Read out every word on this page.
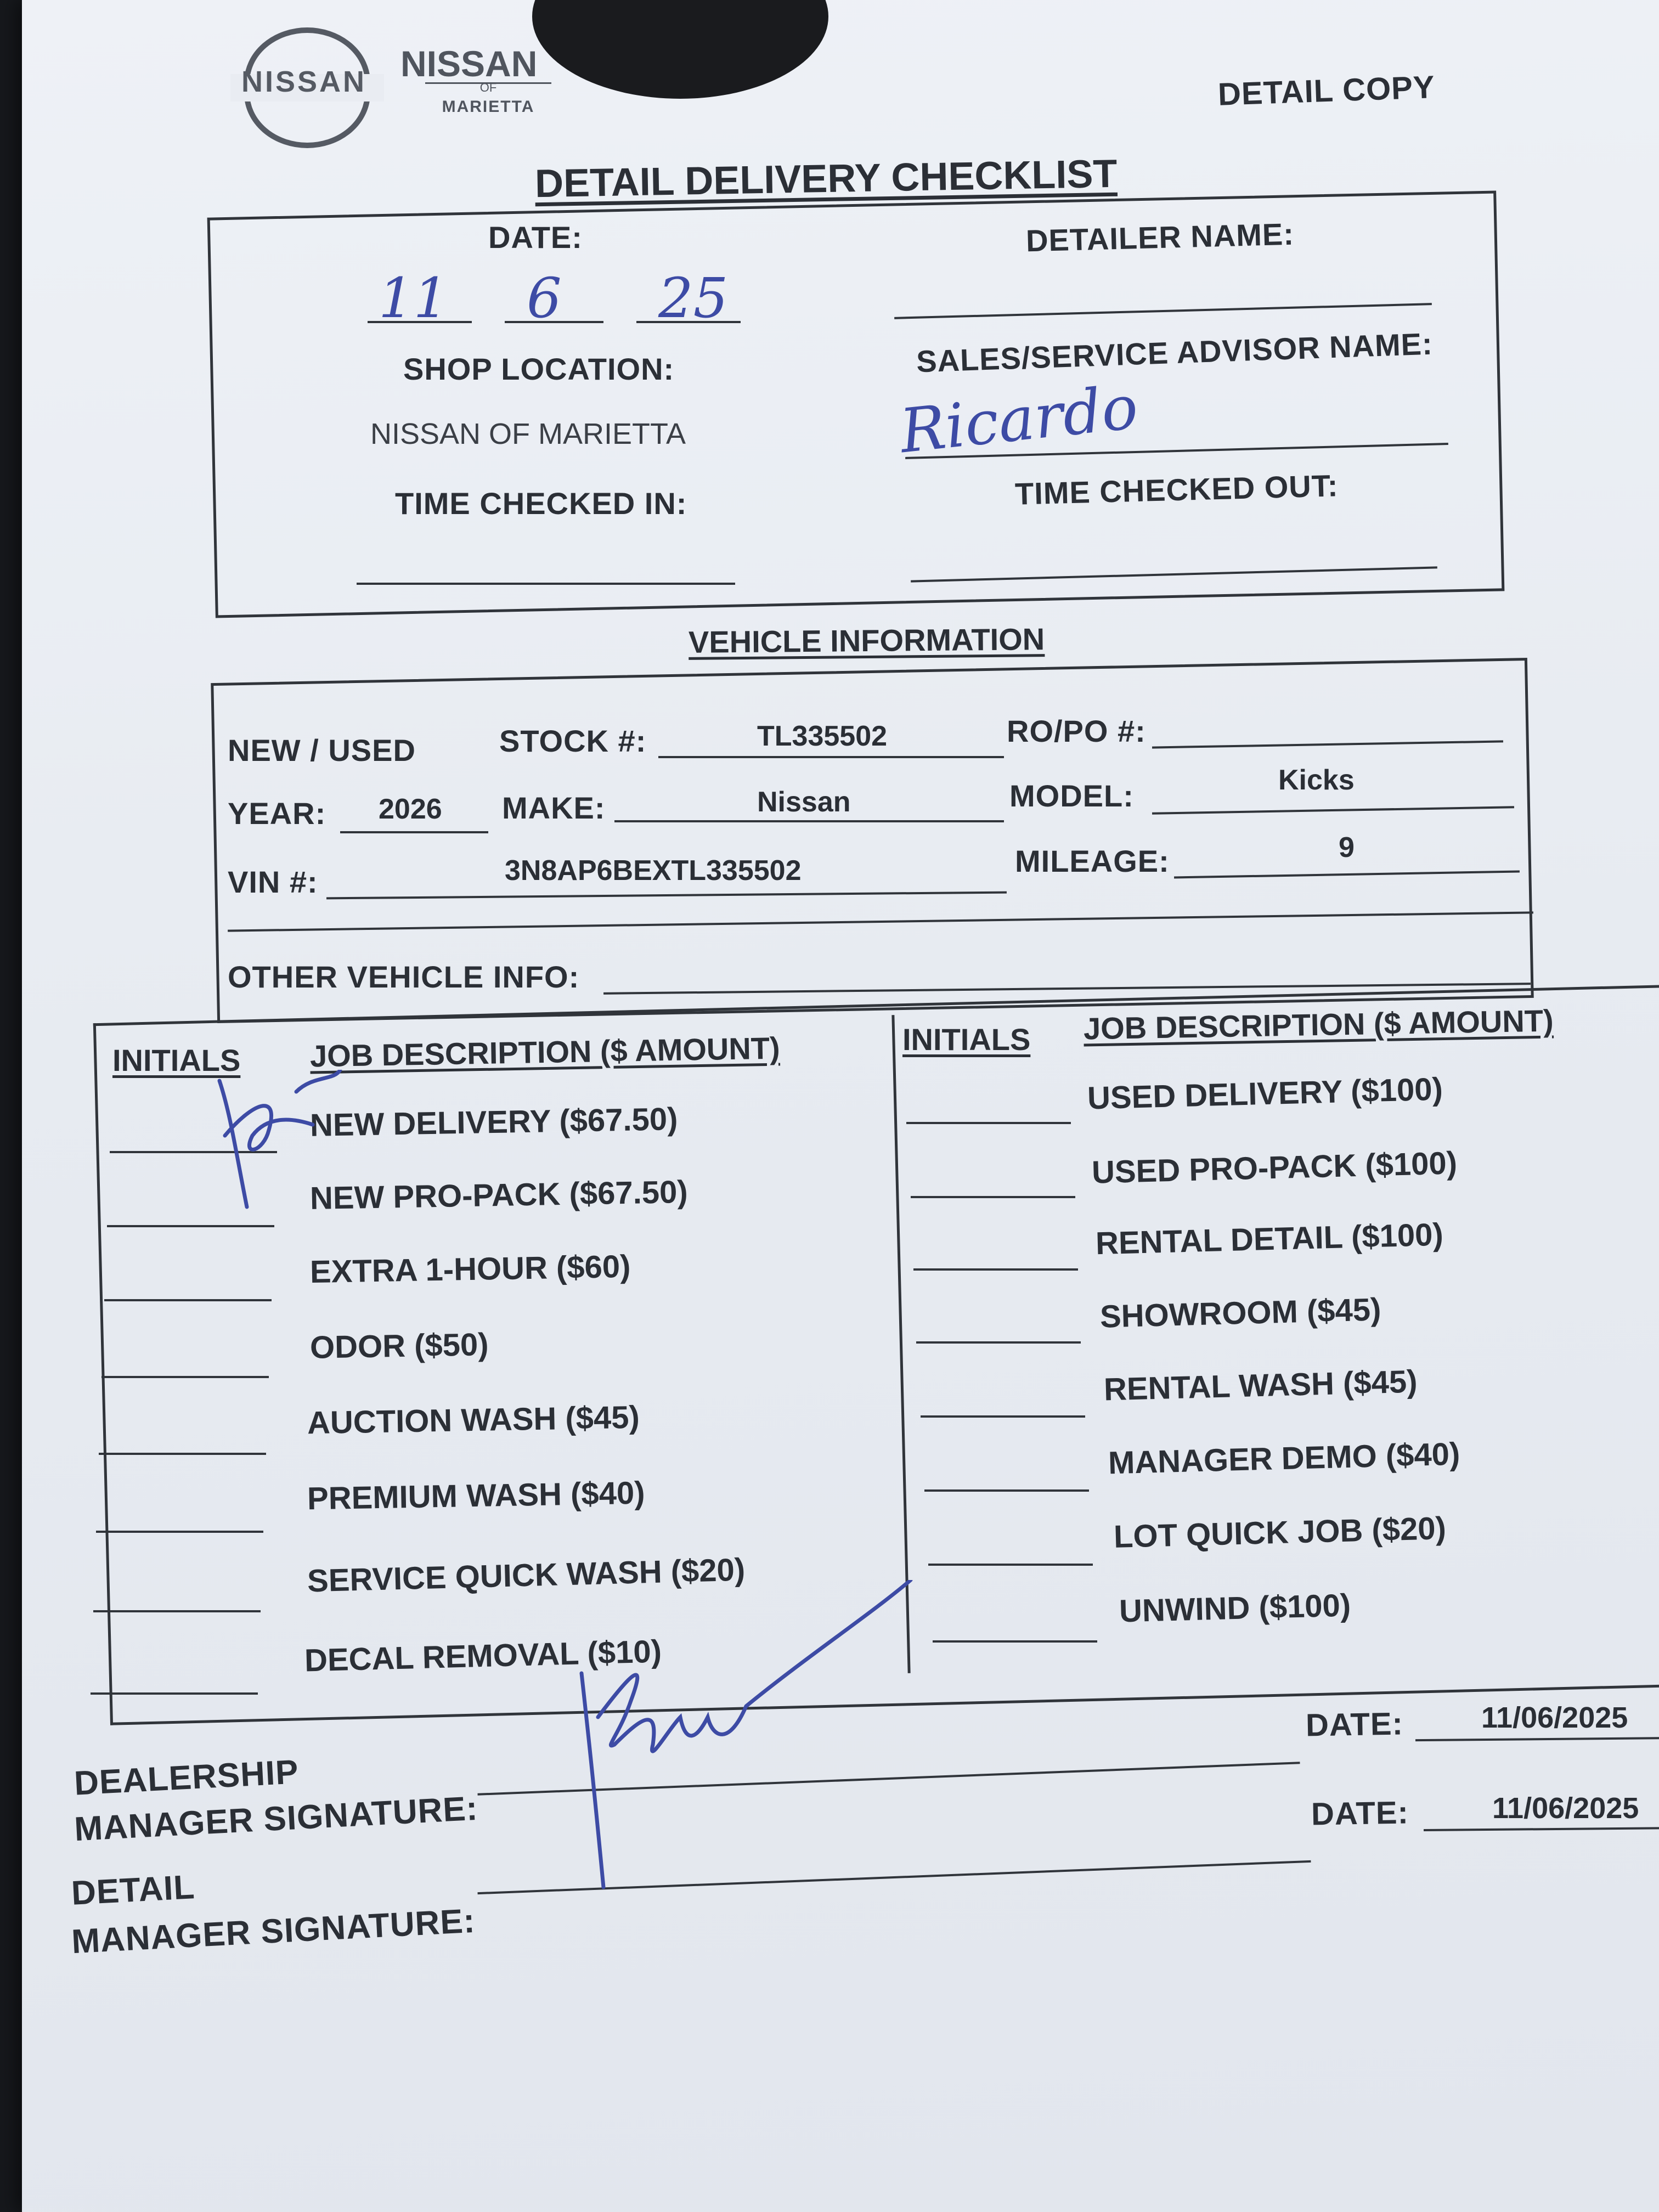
NISSAN NISSAN
OF
MARIETTA	DETAIL COPY
DETAIL DELIVERY CHECKLIST
DATE:
11 6 25
DETAILER NAME:
SHOP LOCATION:
NISSAN OF MARIETTA
SALES/SERVICE ADVISOR NAME:
Ricardo
TIME CHECKED IN:	TIME CHECKED OUT:
VEHICLE INFORMATION
NEW / USED	STOCK #:	TL335502	RO/PO #:
YEAR: 2026 MAKE:	Nissan	MODEL:	Kicks
VIN #:	3N8AP6BEXTL335502	MILEAGE:	9
OTHER VEHICLE INFO:
INITIALS JOB DESCRIPTION ($ AMOUNT)
NEW DELIVERY ($67.50)
NEW PRO-PACK ($67.50)
EXTRA 1-HOUR ($60)
ODOR ($50)
AUCTION WASH ($45)
PREMIUM WASH ($40)
SERVICE QUICK WASH ($20)
DECAL REMOVAL ($10)
INITIALS JOB DESCRIPTION ($ AMOUNT)
USED DELIVERY ($100)
USED PRO-PACK ($100)
RENTAL DETAIL ($100)
SHOWROOM ($45)
RENTAL WASH ($45)
MANAGER DEMO ($40)
LOT QUICK JOB ($20)
UNWIND ($100)
DEALERSHIP
MANAGER SIGNATURE:
DATE:	11/06/2025
DETAIL
MANAGER SIGNATURE:
DATE:	11/06/2025
